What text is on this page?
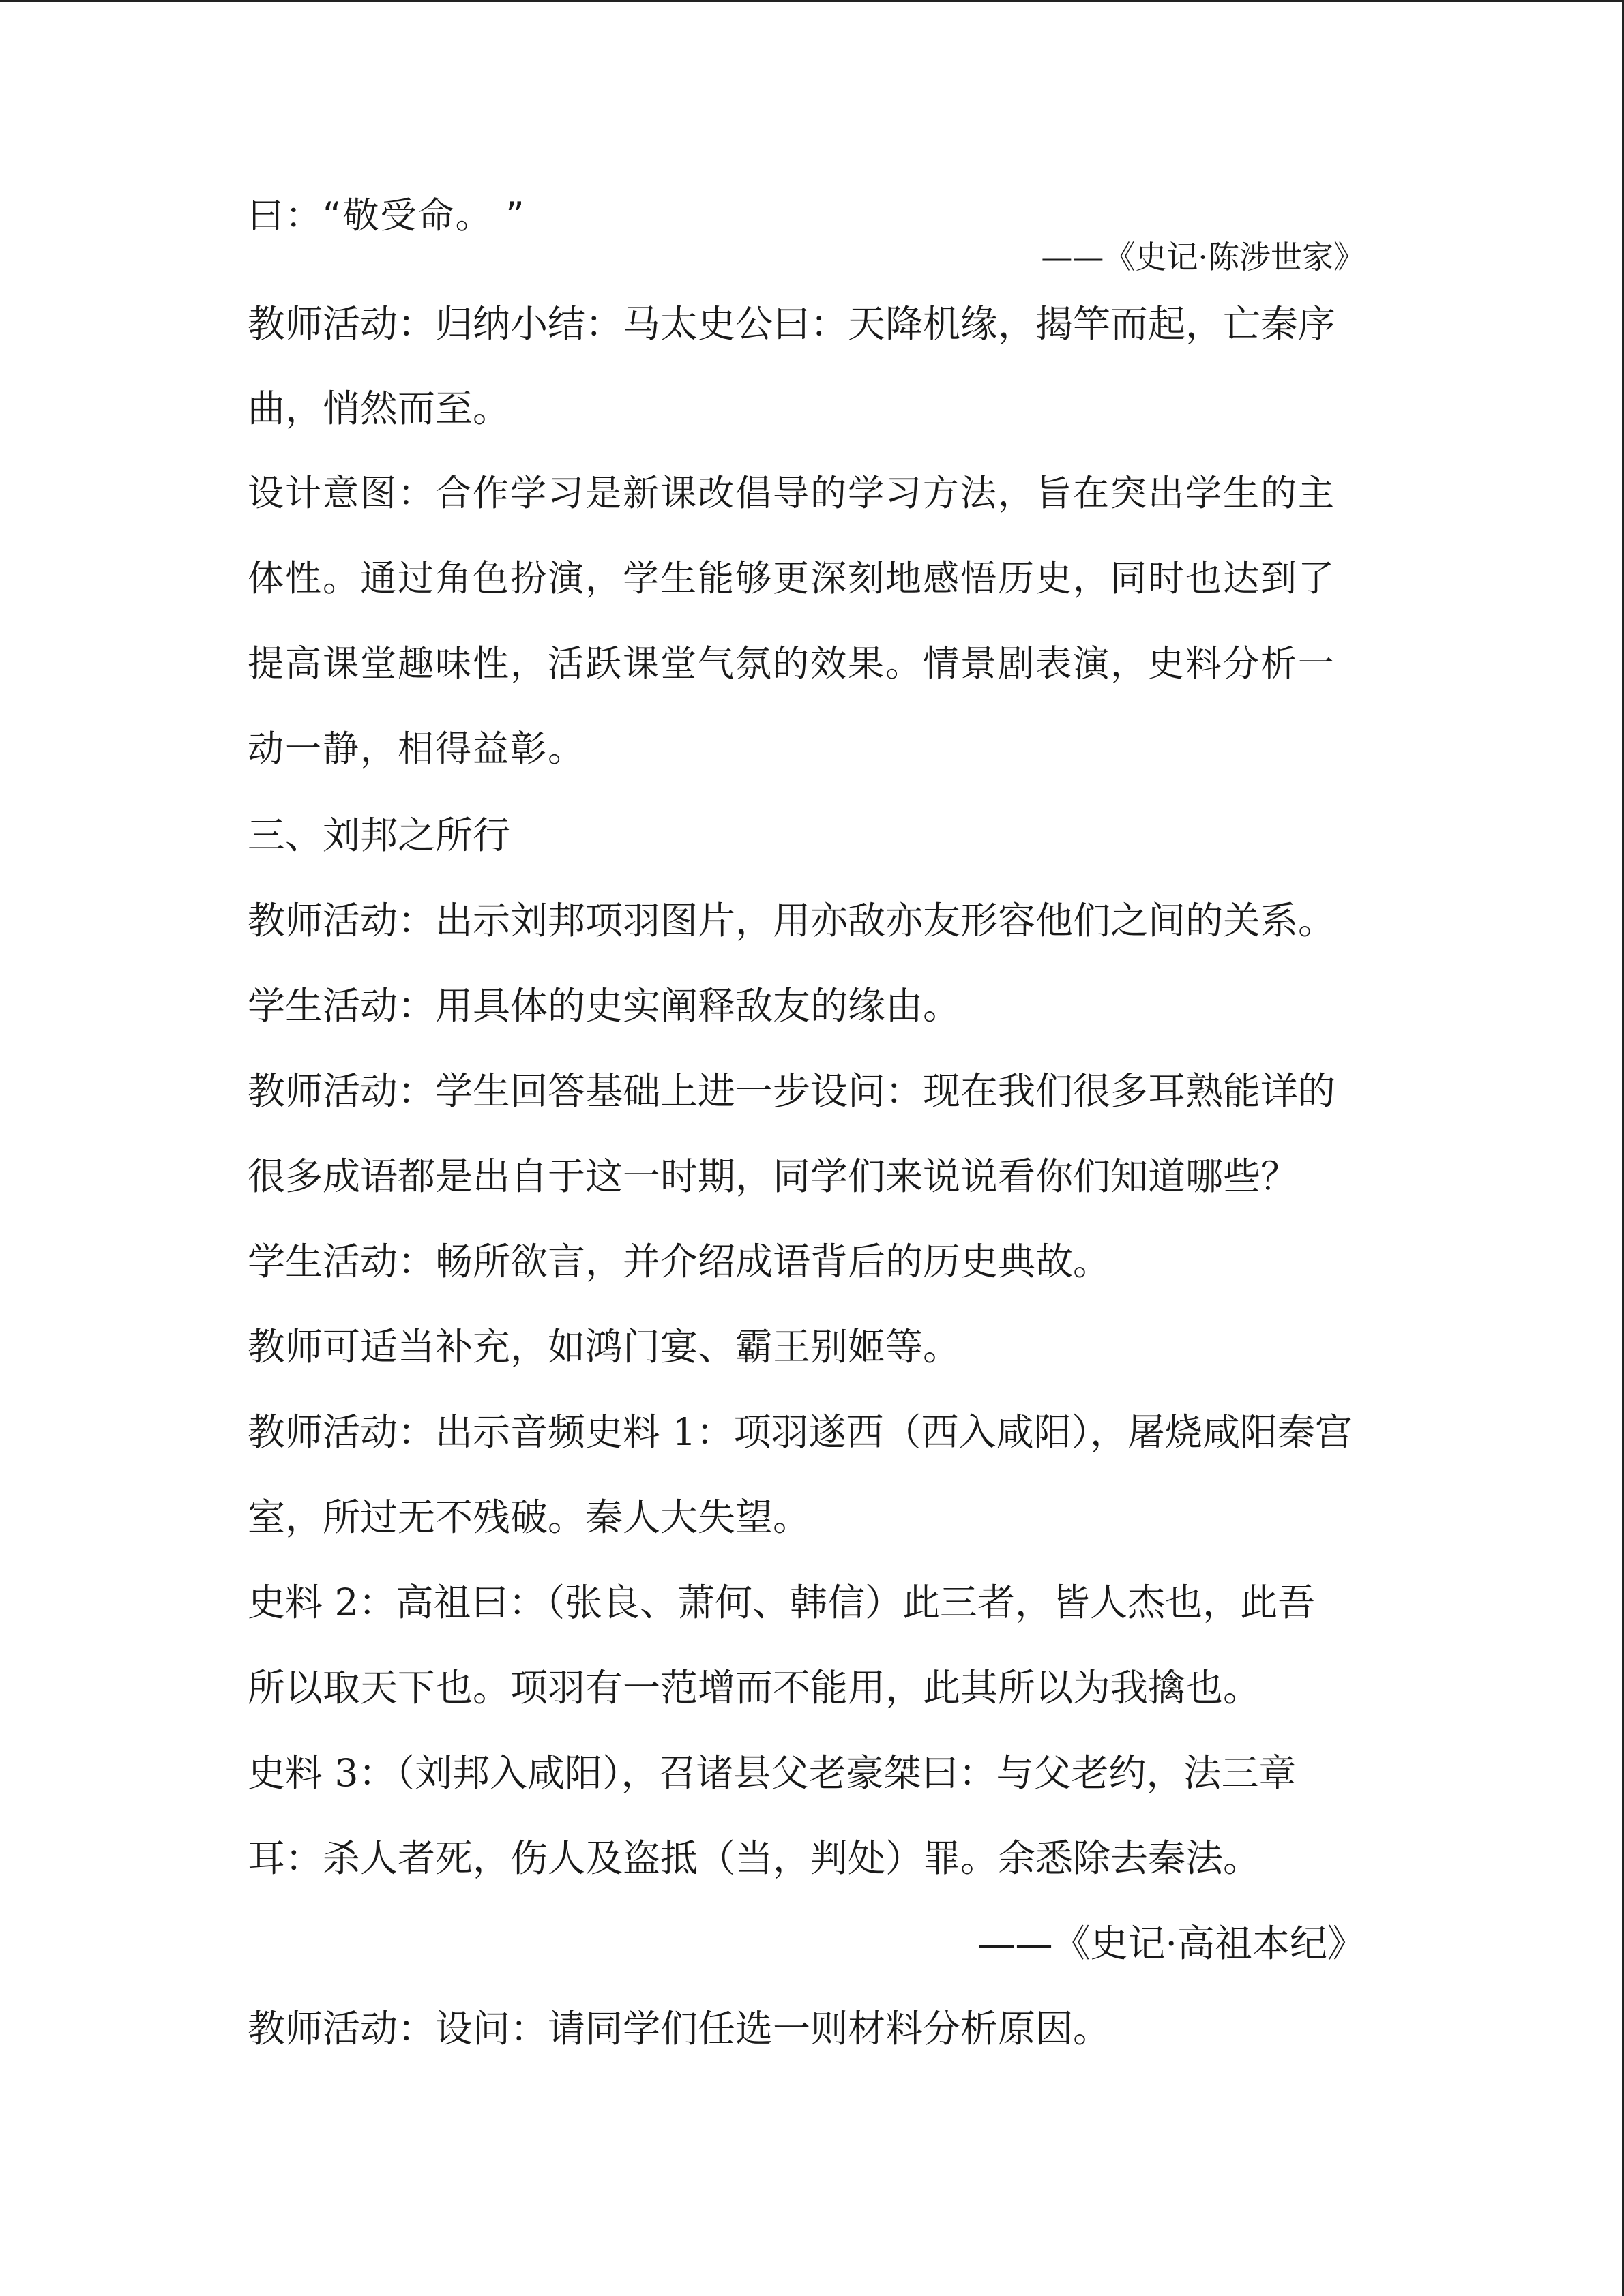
曰：“敬受命。 ”

——《史记·陈涉世家》

教师活动：归纳小结：马太史公曰：天降机缘，揭竿而起，亡秦序

曲，悄然而至。

设计意图：合作学习是新课改倡导的学习方法，旨在突出学生的主

体性。通过角色扮演，学生能够更深刻地感悟历史，同时也达到了

提高课堂趣味性，活跃课堂气氛的效果。情景剧表演，史料分析一

动一静，相得益彰。

三、刘邦之所行

教师活动：出示刘邦项羽图片，用亦敌亦友形容他们之间的关系。

学生活动：用具体的史实阐释敌友的缘由。

教师活动：学生回答基础上进一步设问：现在我们很多耳熟能详的

很多成语都是出自于这一时期，同学们来说说看你们知道哪些？

学生活动：畅所欲言，并介绍成语背后的历史典故。

教师可适当补充，如鸿门宴、霸王别姬等。

教师活动：出示音频史料 1：项羽遂西（西入咸阳），屠烧咸阳秦宫

室，所过无不残破。秦人大失望。

史料 2：高祖曰：（张良、萧何、韩信）此三者，皆人杰也，此吾

所以取天下也。项羽有一范增而不能用，此其所以为我擒也。

史料 3：（刘邦入咸阳），召诸县父老豪桀曰：与父老约，法三章

耳：杀人者死，伤人及盗抵（当，判处）罪。余悉除去秦法。

——《史记·高祖本纪》

教师活动：设问：请同学们任选一则材料分析原因。
